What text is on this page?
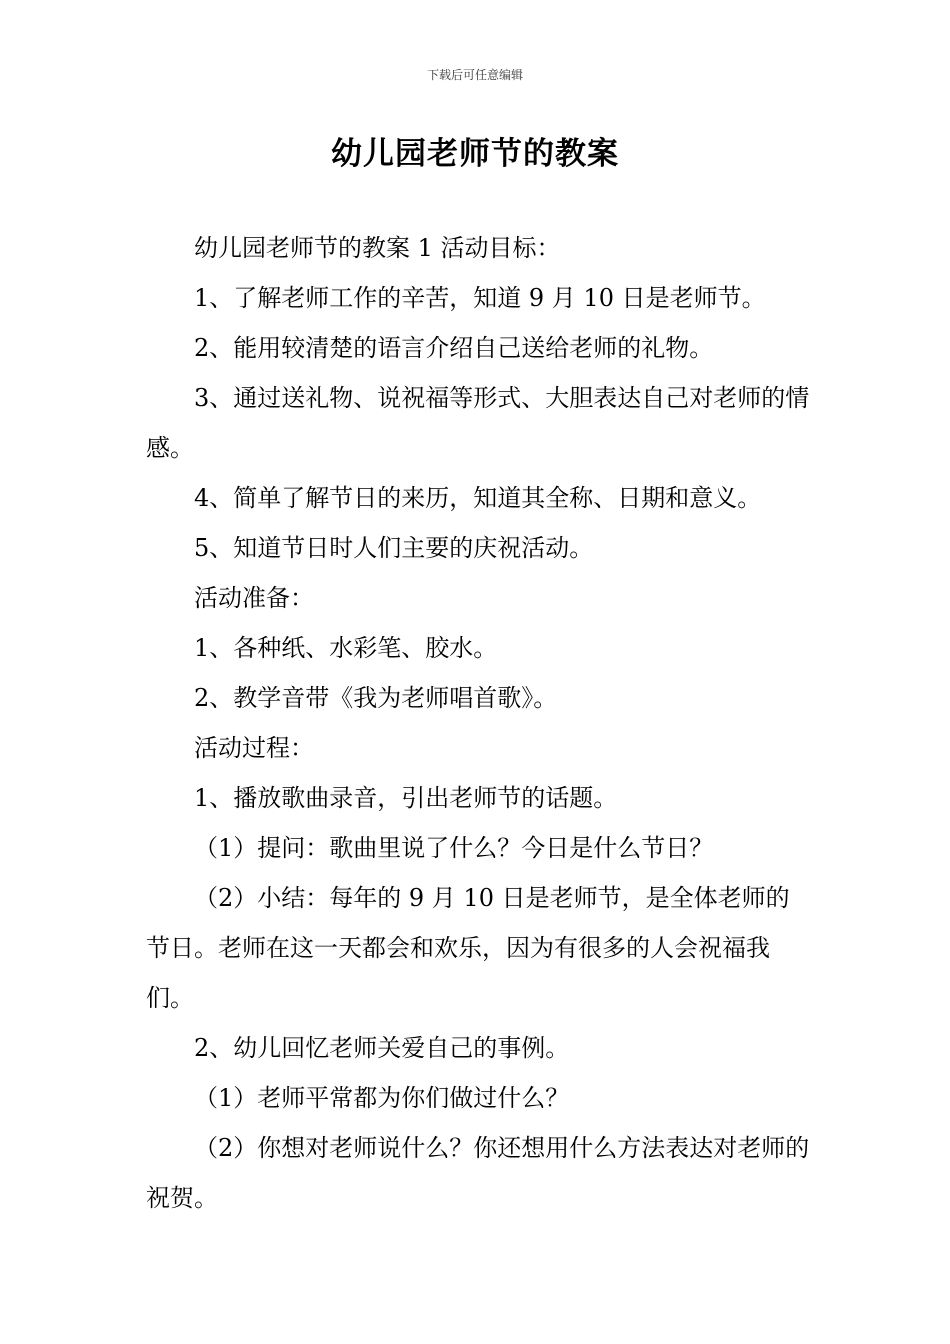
下载后可任意编辑
幼儿园老师节的教案

幼儿园老师节的教案 1 活动目标：

1、了解老师工作的辛苦，知道 9 月 10 日是老师节。

2、能用较清楚的语言介绍自己送给老师的礼物。

3、通过送礼物、说祝福等形式、大胆表达自己对老师的情感。

4、简单了解节日的来历，知道其全称、日期和意义。

5、知道节日时人们主要的庆祝活动。

活动准备：

1、各种纸、水彩笔、胶水。

2、教学音带《我为老师唱首歌》。

活动过程：

1、播放歌曲录音，引出老师节的话题。

（1）提问：歌曲里说了什么？今日是什么节日？

（2）小结：每年的 9 月 10 日是老师节，是全体老师的节日。老师在这一天都会和欢乐，因为有很多的人会祝福我们。

2、幼儿回忆老师关爱自己的事例。

（1）老师平常都为你们做过什么？

（2）你想对老师说什么？你还想用什么方法表达对老师的祝贺。
